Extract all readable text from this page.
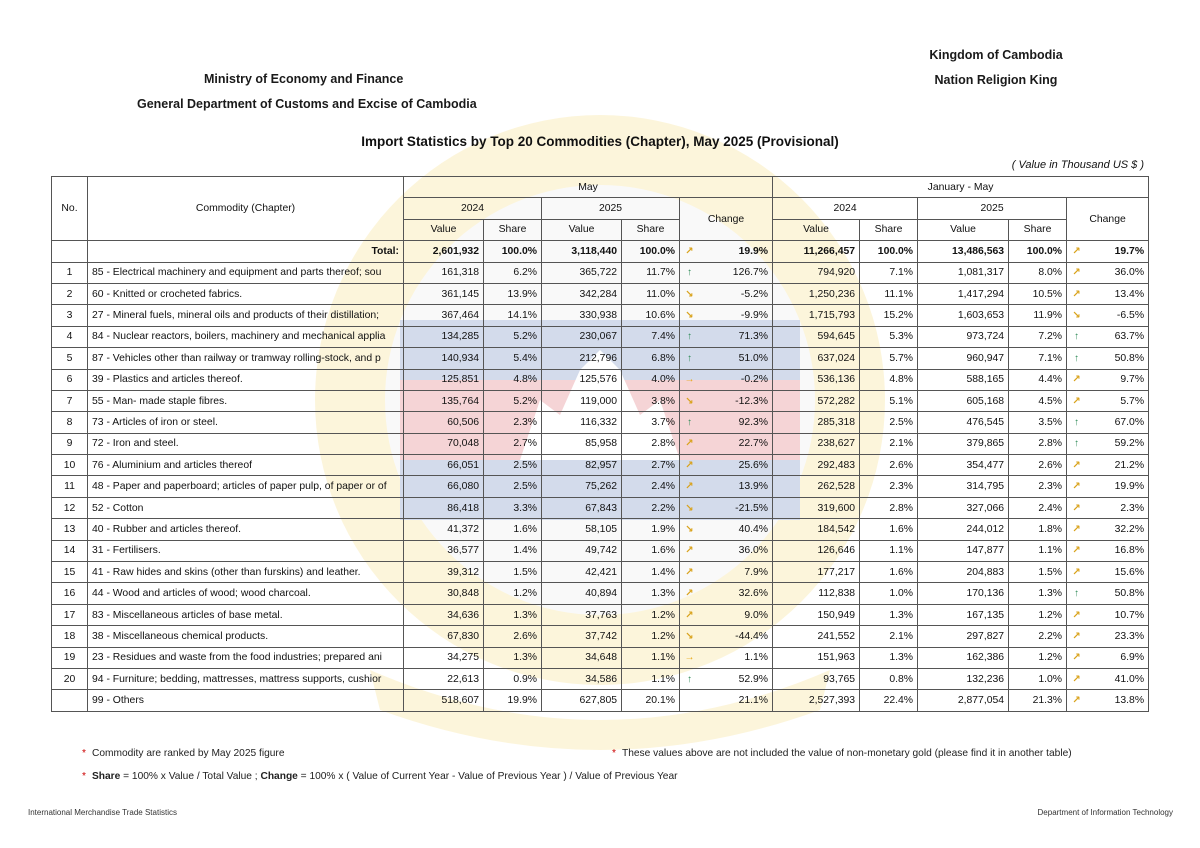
Kingdom of Cambodia
Nation Religion King
Ministry of Economy and Finance
General Department of Customs and Excise of Cambodia
Import Statistics by Top 20 Commodities (Chapter), May 2025 (Provisional)
( Value in Thousand US $ )
No.	Commodity (Chapter)	May						January - May					
		2024		2025		Change		2024		2025		Change	
		Value	Share	Value	Share			Value	Share	Value	Share		
	Total:	2,601,932	100.0%	3,118,440	100.0%	↗	19.9%	11,266,457	100.0%	13,486,563	100.0%	↗	19.7%
1	85 - Electrical machinery and equipment and parts thereof; sou	161,318	6.2%	365,722	11.7%	↑	126.7%	794,920	7.1%	1,081,317	8.0%	↗	36.0%
2	60 - Knitted or crocheted fabrics.	361,145	13.9%	342,284	11.0%	↘	-5.2%	1,250,236	11.1%	1,417,294	10.5%	↗	13.4%
3	27 - Mineral fuels, mineral oils and products of their distillation;	367,464	14.1%	330,938	10.6%	↘	-9.9%	1,715,793	15.2%	1,603,653	11.9%	↘	-6.5%
4	84 - Nuclear reactors, boilers, machinery and mechanical applia	134,285	5.2%	230,067	7.4%	↑	71.3%	594,645	5.3%	973,724	7.2%	↑	63.7%
5	87 - Vehicles other than railway or tramway rolling-stock, and p	140,934	5.4%	212,796	6.8%	↑	51.0%	637,024	5.7%	960,947	7.1%	↑	50.8%
6	39 - Plastics and articles thereof.	125,851	4.8%	125,576	4.0%	→	-0.2%	536,136	4.8%	588,165	4.4%	↗	9.7%
7	55 - Man- made staple fibres.	135,764	5.2%	119,000	3.8%	↘	-12.3%	572,282	5.1%	605,168	4.5%	↗	5.7%
8	73 - Articles of iron or steel.	60,506	2.3%	116,332	3.7%	↑	92.3%	285,318	2.5%	476,545	3.5%	↑	67.0%
9	72 - Iron and steel.	70,048	2.7%	85,958	2.8%	↗	22.7%	238,627	2.1%	379,865	2.8%	↑	59.2%
10	76 - Aluminium and articles thereof	66,051	2.5%	82,957	2.7%	↗	25.6%	292,483	2.6%	354,477	2.6%	↗	21.2%
11	48 - Paper and paperboard; articles of paper pulp, of paper or of	66,080	2.5%	75,262	2.4%	↗	13.9%	262,528	2.3%	314,795	2.3%	↗	19.9%
12	52 - Cotton	86,418	3.3%	67,843	2.2%	↘	-21.5%	319,600	2.8%	327,066	2.4%	↗	2.3%
13	40 - Rubber and articles thereof.	41,372	1.6%	58,105	1.9%	↘	40.4%	184,542	1.6%	244,012	1.8%	↗	32.2%
14	31 - Fertilisers.	36,577	1.4%	49,742	1.6%	↗	36.0%	126,646	1.1%	147,877	1.1%	↗	16.8%
15	41 - Raw hides and skins (other than furskins) and leather.	39,312	1.5%	42,421	1.4%	↗	7.9%	177,217	1.6%	204,883	1.5%	↗	15.6%
16	44 - Wood and articles of wood; wood charcoal.	30,848	1.2%	40,894	1.3%	↗	32.6%	112,838	1.0%	170,136	1.3%	↑	50.8%
17	83 - Miscellaneous articles of base metal.	34,636	1.3%	37,763	1.2%	↗	9.0%	150,949	1.3%	167,135	1.2%	↗	10.7%
18	38 - Miscellaneous chemical products.	67,830	2.6%	37,742	1.2%	↘	-44.4%	241,552	2.1%	297,827	2.2%	↗	23.3%
19	23 - Residues and waste from the food industries; prepared ani	34,275	1.3%	34,648	1.1%	→	1.1%	151,963	1.3%	162,386	1.2%	↗	6.9%
20	94 - Furniture; bedding, mattresses, mattress supports, cushior	22,613	0.9%	34,586	1.1%	↑	52.9%	93,765	0.8%	132,236	1.0%	↗	41.0%
	99 - Others	518,607	19.9%	627,805	20.1%		21.1%	2,527,393	22.4%	2,877,054	21.3%	↗	13.8%
* Commodity are ranked by May 2025 figure	* These values above are not included the value of non-monetary gold (please find it in another table)
* Share = 100% x Value / Total Value ; Change = 100% x ( Value of Current Year - Value of Previous Year ) / Value of Previous Year
International Merchandise Trade Statistics	Department of Information Technology
